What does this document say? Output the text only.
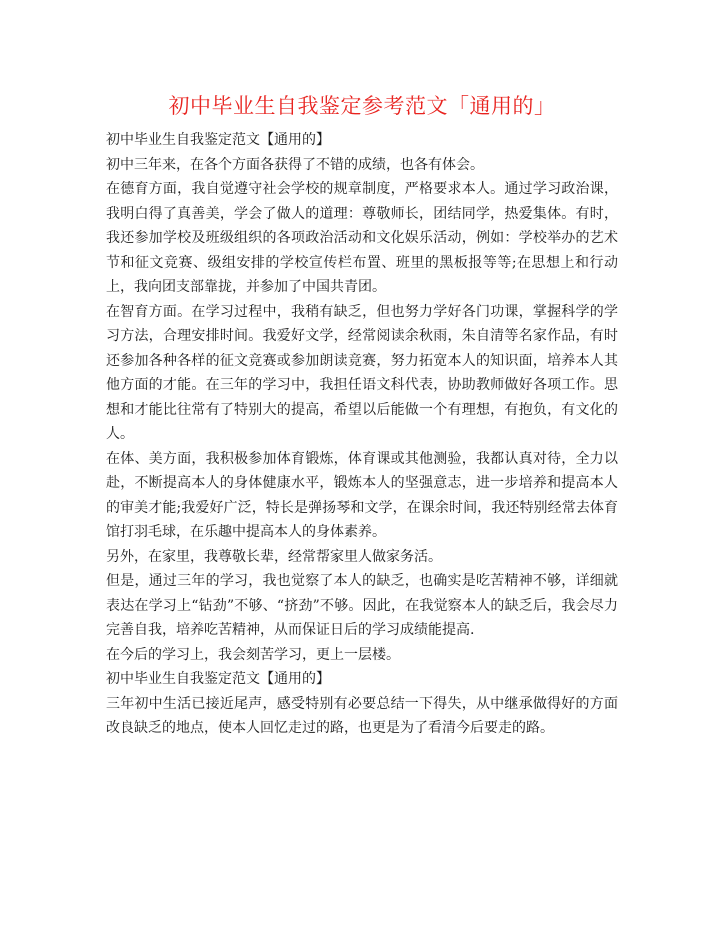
初中毕业生自我鉴定参考范文「通用的」

初中毕业生自我鉴定范文【通用的】

初中三年来，在各个方面各获得了不错的成绩，也各有体会。

在德育方面，我自觉遵守社会学校的规章制度，严格要求本人。通过学习政治课，我明白得了真善美，学会了做人的道理：尊敬师长，团结同学，热爱集体。有时，我还参加学校及班级组织的各项政治活动和文化娱乐活动，例如：学校举办的艺术节和征文竞赛、级组安排的学校宣传栏布置、班里的黑板报等等;在思想上和行动上，我向团支部靠拢，并参加了中国共青团。

在智育方面。在学习过程中，我稍有缺乏，但也努力学好各门功课，掌握科学的学习方法，合理安排时间。我爱好文学，经常阅读余秋雨，朱自清等名家作品，有时还参加各种各样的征文竞赛或参加朗读竞赛，努力拓宽本人的知识面，培养本人其他方面的才能。在三年的学习中，我担任语文科代表，协助教师做好各项工作。思想和才能比往常有了特别大的提高，希望以后能做一个有理想，有抱负，有文化的人。

在体、美方面，我积极参加体育锻炼，体育课或其他测验，我都认真对待，全力以赴，不断提高本人的身体健康水平，锻炼本人的坚强意志，进一步培养和提高本人的审美才能;我爱好广泛，特长是弹扬琴和文学，在课余时间，我还特别经常去体育馆打羽毛球，在乐趣中提高本人的身体素养。

另外，在家里，我尊敬长辈，经常帮家里人做家务活。

但是，通过三年的学习，我也觉察了本人的缺乏，也确实是吃苦精神不够，详细就表达在学习上“钻劲”不够、“挤劲”不够。因此，在我觉察本人的缺乏后，我会尽力完善自我，培养吃苦精神，从而保证日后的学习成绩能提高.

在今后的学习上，我会刻苦学习，更上一层楼。

初中毕业生自我鉴定范文【通用的】

三年初中生活已接近尾声，感受特别有必要总结一下得失，从中继承做得好的方面改良缺乏的地点，使本人回忆走过的路，也更是为了看清今后要走的路。
